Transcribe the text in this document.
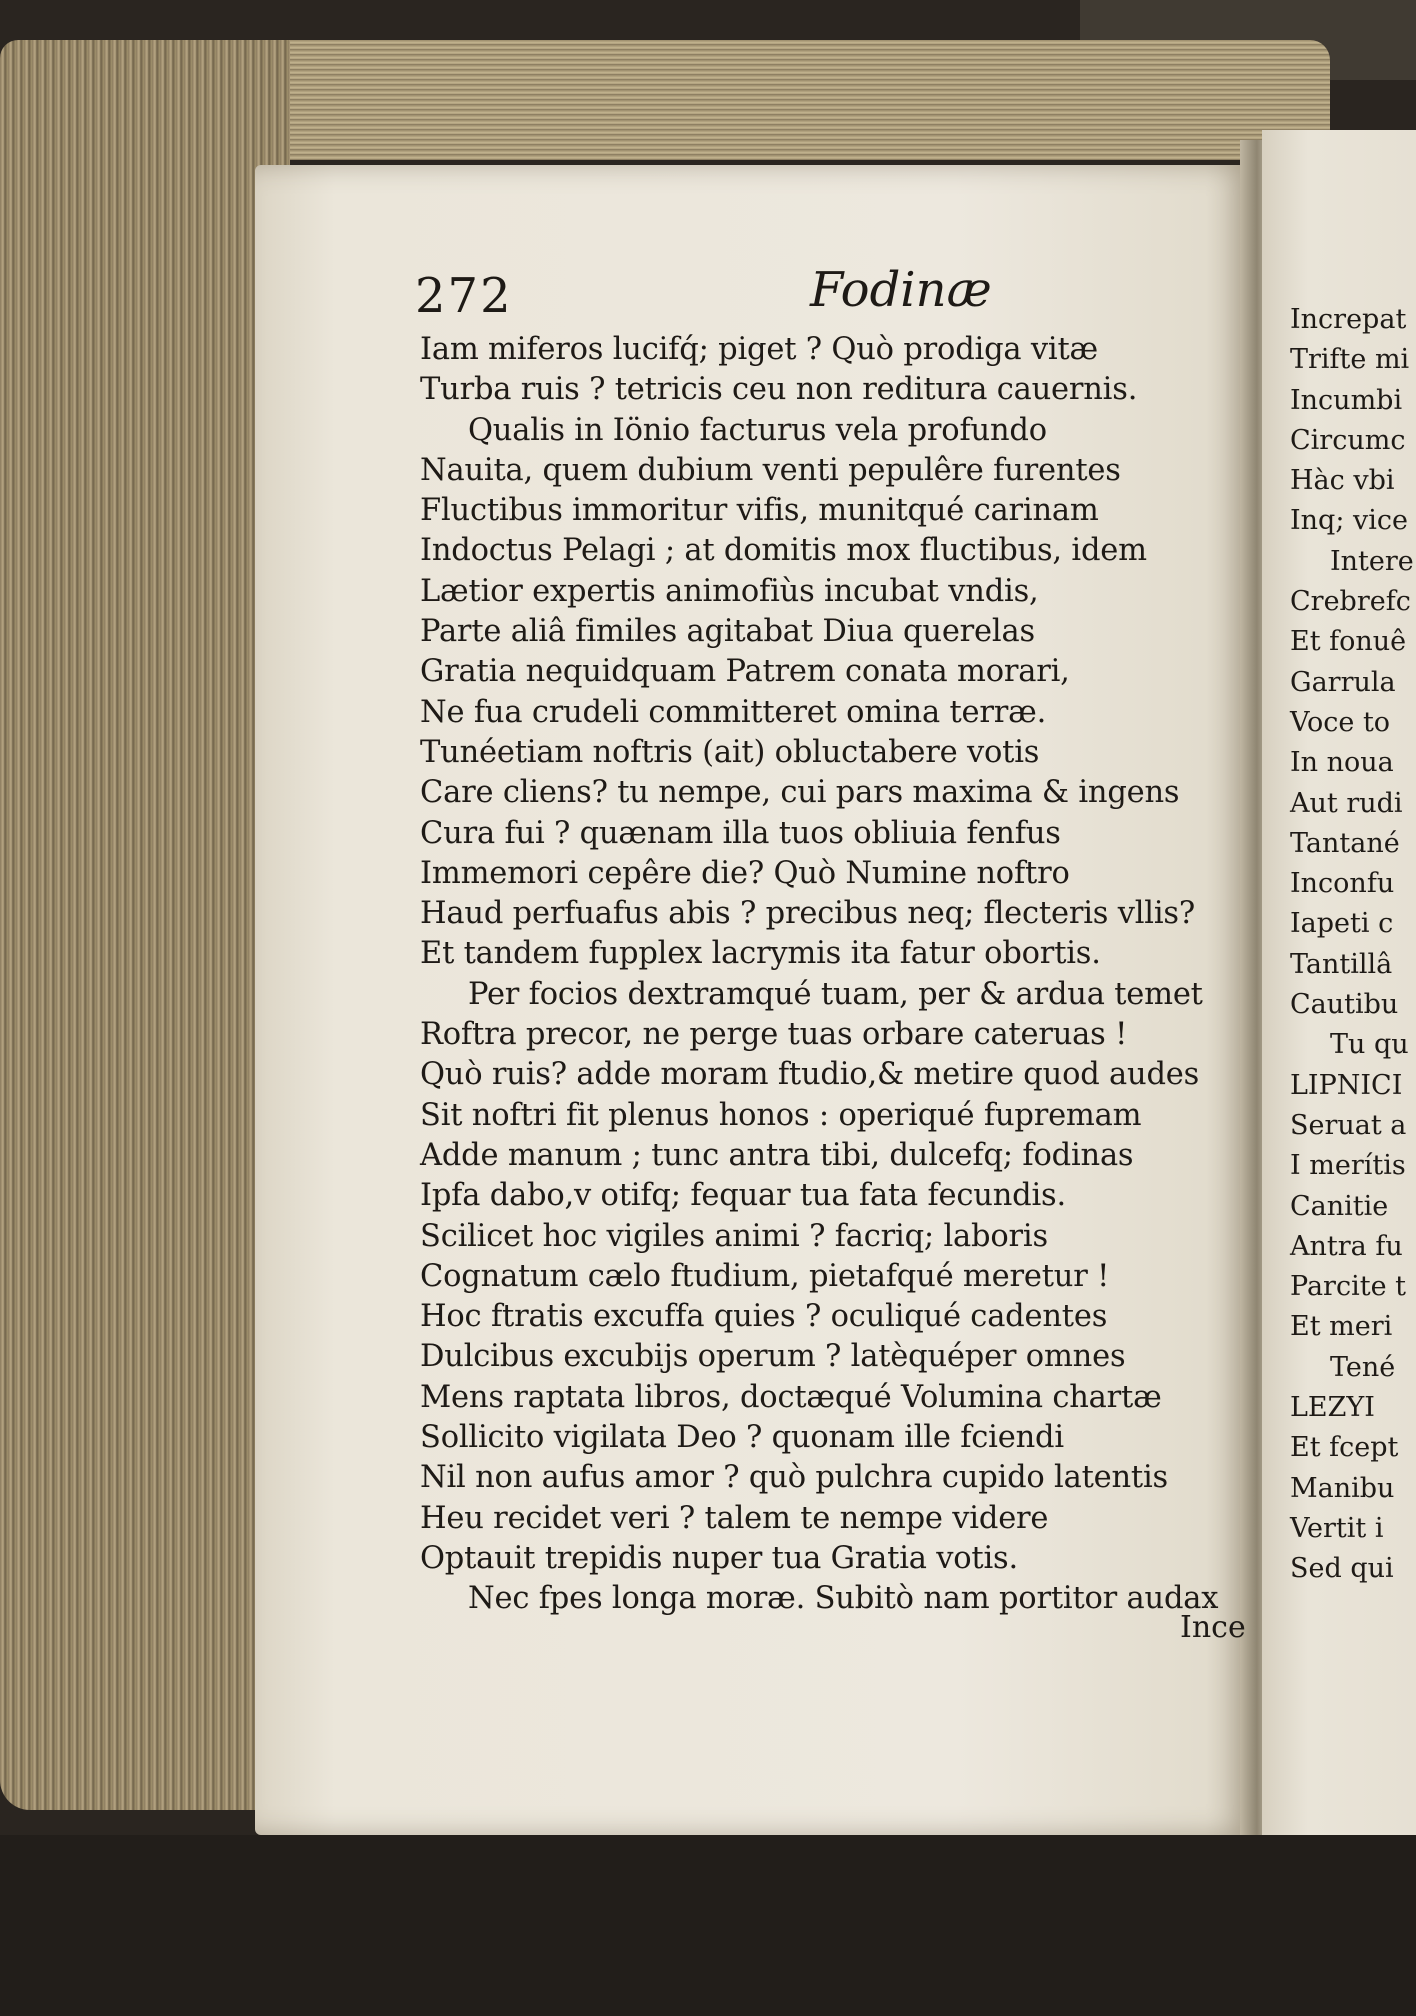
Increpat
Trifte mi
Incumbi
Circumc
Hàc vbi
Inq; vice
Intere
Crebrefc
Et fonuê
Garrula
Voce to
In noua
Aut rudi
Tantané
Inconfu
Iapeti c
Tantillâ
Cautibu
Tu qu
LIPNICI
Seruat a
I merítis
Canitie
Antra fu
Parcite t
Et meri
Tené
LEZYI
Et fcept
Manibu
Vertit i
Sed qui
272	Fodinæ
Iam miferos lucifq́; piget ? Quò prodiga vitæ
Turba ruis ? tetricis ceu non reditura cauernis.
Qualis in Iönio facturus vela profundo
Nauita, quem dubium venti pepulêre furentes
Fluctibus immoritur vifis, munitqué carinam
Indoctus Pelagi ; at domitis mox fluctibus, idem
Lætior expertis animofiùs incubat vndis,
Parte aliâ fimiles agitabat Diua querelas
Gratia nequidquam Patrem conata morari,
Ne fua crudeli committeret omina terræ.
Tunéetiam noftris (ait) obluctabere votis
Care cliens? tu nempe, cui pars maxima & ingens
Cura fui ? quænam illa tuos obliuia fenfus
Immemori cepêre die? Quò Numine noftro
Haud perfuafus abis ? precibus neq; flecteris vllis?
Et tandem fupplex lacrymis ita fatur obortis.
Per focios dextramqué tuam, per & ardua temet
Roftra precor, ne perge tuas orbare cateruas !
Quò ruis? adde moram ftudio,& metire quod audes
Sit noftri fit plenus honos : operiqué fupremam
Adde manum ; tunc antra tibi, dulcefq; fodinas
Ipfa dabo,v otifq; fequar tua fata fecundis.
Scilicet hoc vigiles animi ? facriq; laboris
Cognatum cælo ftudium, pietafqué meretur !
Hoc ftratis excuffa quies ? oculiqué cadentes
Dulcibus excubijs operum ? latèquéper omnes
Mens raptata libros, doctæqué Volumina chartæ
Sollicito vigilata Deo ? quonam ille fciendi
Nil non aufus amor ? quò pulchra cupido latentis
Heu recidet veri ? talem te nempe videre
Optauit trepidis nuper tua Gratia votis.
Nec fpes longa moræ. Subitò nam portitor audax
Ince
